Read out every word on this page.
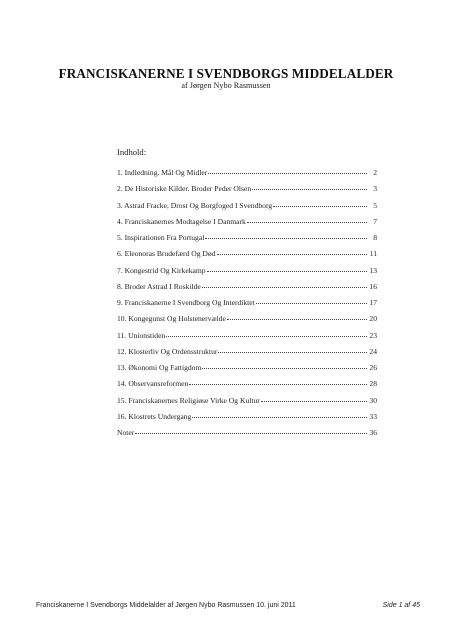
FRANCISKANERNE I SVENDBORGS MIDDELALDER
af Jørgen Nybo Rasmussen
Indhold:
1. Indledning. Mål Og Midler	2
2. De Historiske Kilder. Broder Peder Olsen	3
3. Astrad Fracke, Drost Og Borgfoged I Svendborg	5
4. Franciskanernes Modtagelse I Danmark	7
5. Inspirationen Fra Portugal	8
6. Eleonoras Brudefærd Og Død	11
7. Kongestrid Og Kirkekamp	13
8. Broder Astrad I Roskilde	16
9. Franciskanerne I Svendborg Og Interdiktet	17
10. Kongegunst Og Holstenervælde	20
11. Unionstiden	23
12. Klosterliv Og Ordensstruktur	24
13. Økonomi Og Fattigdom	26
14. Observansreformen	28
15. Franciskanernes Religiøse Virke Og Kultur	30
16. Klostrets Undergang	33
Noter	36
Franciskanerne I Svendborgs Middelalder af Jørgen Nybo Rasmussen 10. juni 2011	Side 1 af 45
